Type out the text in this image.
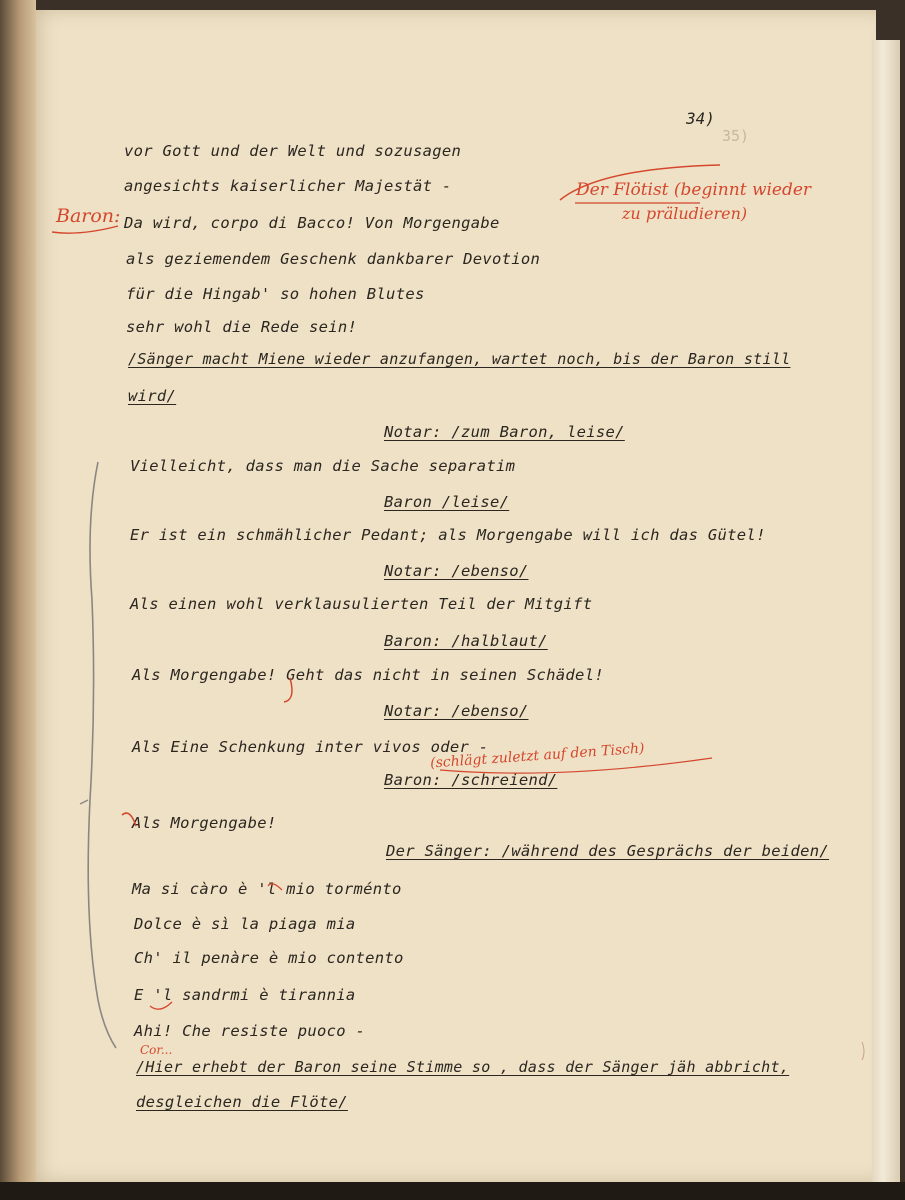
35)
34)
vor Gott und der Welt und sozusagen
angesichts kaiserlicher Majestät -
Da wird, corpo di Bacco! Von Morgengabe
als geziemendem Geschenk dankbarer Devotion
für die Hingab' so hohen Blutes
sehr wohl die Rede sein!
/Sänger macht Miene wieder anzufangen, wartet noch, bis der Baron still
wird/
Notar: /zum Baron, leise/
Vielleicht, dass man die Sache separatim
Baron /leise/
Er ist ein schmählicher Pedant; als Morgengabe will ich das Gütel!
Notar: /ebenso/
Als einen wohl verklausulierten Teil der Mitgift
Baron: /halblaut/
Als Morgengabe! Geht das nicht in seinen Schädel!
Notar: /ebenso/
Als Eine Schenkung inter vivos oder -
Baron: /schreiend/
Als Morgengabe!
Der Sänger: /während des Gesprächs der beiden/
Ma si càro è 'l mio torménto
Dolce è sì la piaga mia
Ch' il penàre è mio contento
E 'l sandrmi è tirannia
Ahi! Che resiste puoco -
/Hier erhebt der Baron seine Stimme so , dass der Sänger jäh abbricht,
desgleichen die Flöte/
Baron:
Der Flötist (beginnt wieder
zu präludieren)
(schlägt zuletzt auf den Tisch)
Cor...
